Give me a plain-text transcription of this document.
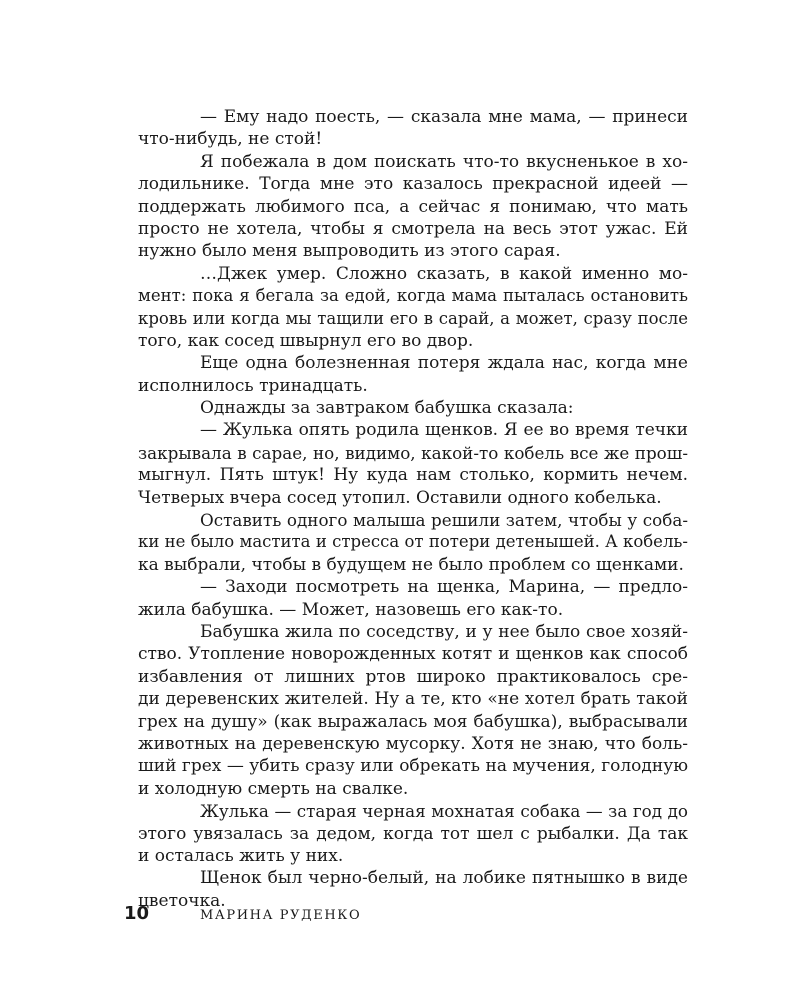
— Ему надо поесть, — сказала мне мама, — принеси
что-нибудь, не стой!
Я побежала в дом поискать что-то вкусненькое в хо-
лодильнике. Тогда мне это казалось прекрасной идеей —
поддержать любимого пса, а сейчас я понимаю, что мать
просто не хотела, чтобы я смотрела на весь этот ужас. Ей
нужно было меня выпроводить из этого сарая.
…Джек умер. Сложно сказать, в какой именно мо-
мент: пока я бегала за едой, когда мама пыталась остановить
кровь или когда мы тащили его в сарай, а может, сразу после
того, как сосед швырнул его во двор.
Еще одна болезненная потеря ждала нас, когда мне
исполнилось тринадцать.
Однажды за завтраком бабушка сказала:
— Жулька опять родила щенков. Я ее во время течки
закрывала в сарае, но, видимо, какой-то кобель все же прош-
мыгнул. Пять штук! Ну куда нам столько, кормить нечем.
Четверых вчера сосед утопил. Оставили одного кобелька.
Оставить одного малыша решили затем, чтобы у соба-
ки не было мастита и стресса от потери детенышей. А кобель-
ка выбрали, чтобы в будущем не было проблем со щенками.
— Заходи посмотреть на щенка, Марина, — предло-
жила бабушка. — Может, назовешь его как-то.
Бабушка жила по соседству, и у нее было свое хозяй-
ство. Утопление новорожденных котят и щенков как способ
избавления от лишних ртов широко практиковалось сре-
ди деревенских жителей. Ну а те, кто «не хотел брать такой
грех на душу» (как выражалась моя бабушка), выбрасывали
животных на деревенскую мусорку. Хотя не знаю, что боль-
ший грех — убить сразу или обрекать на мучения, голодную
и холодную смерть на свалке.
Жулька — старая черная мохнатая собака — за год до
этого увязалась за дедом, когда тот шел с рыбалки. Да так
и осталась жить у них.
Щенок был черно-белый, на лобике пятнышко в виде
цветочка.
10	МАРИНА РУДЕНКО
